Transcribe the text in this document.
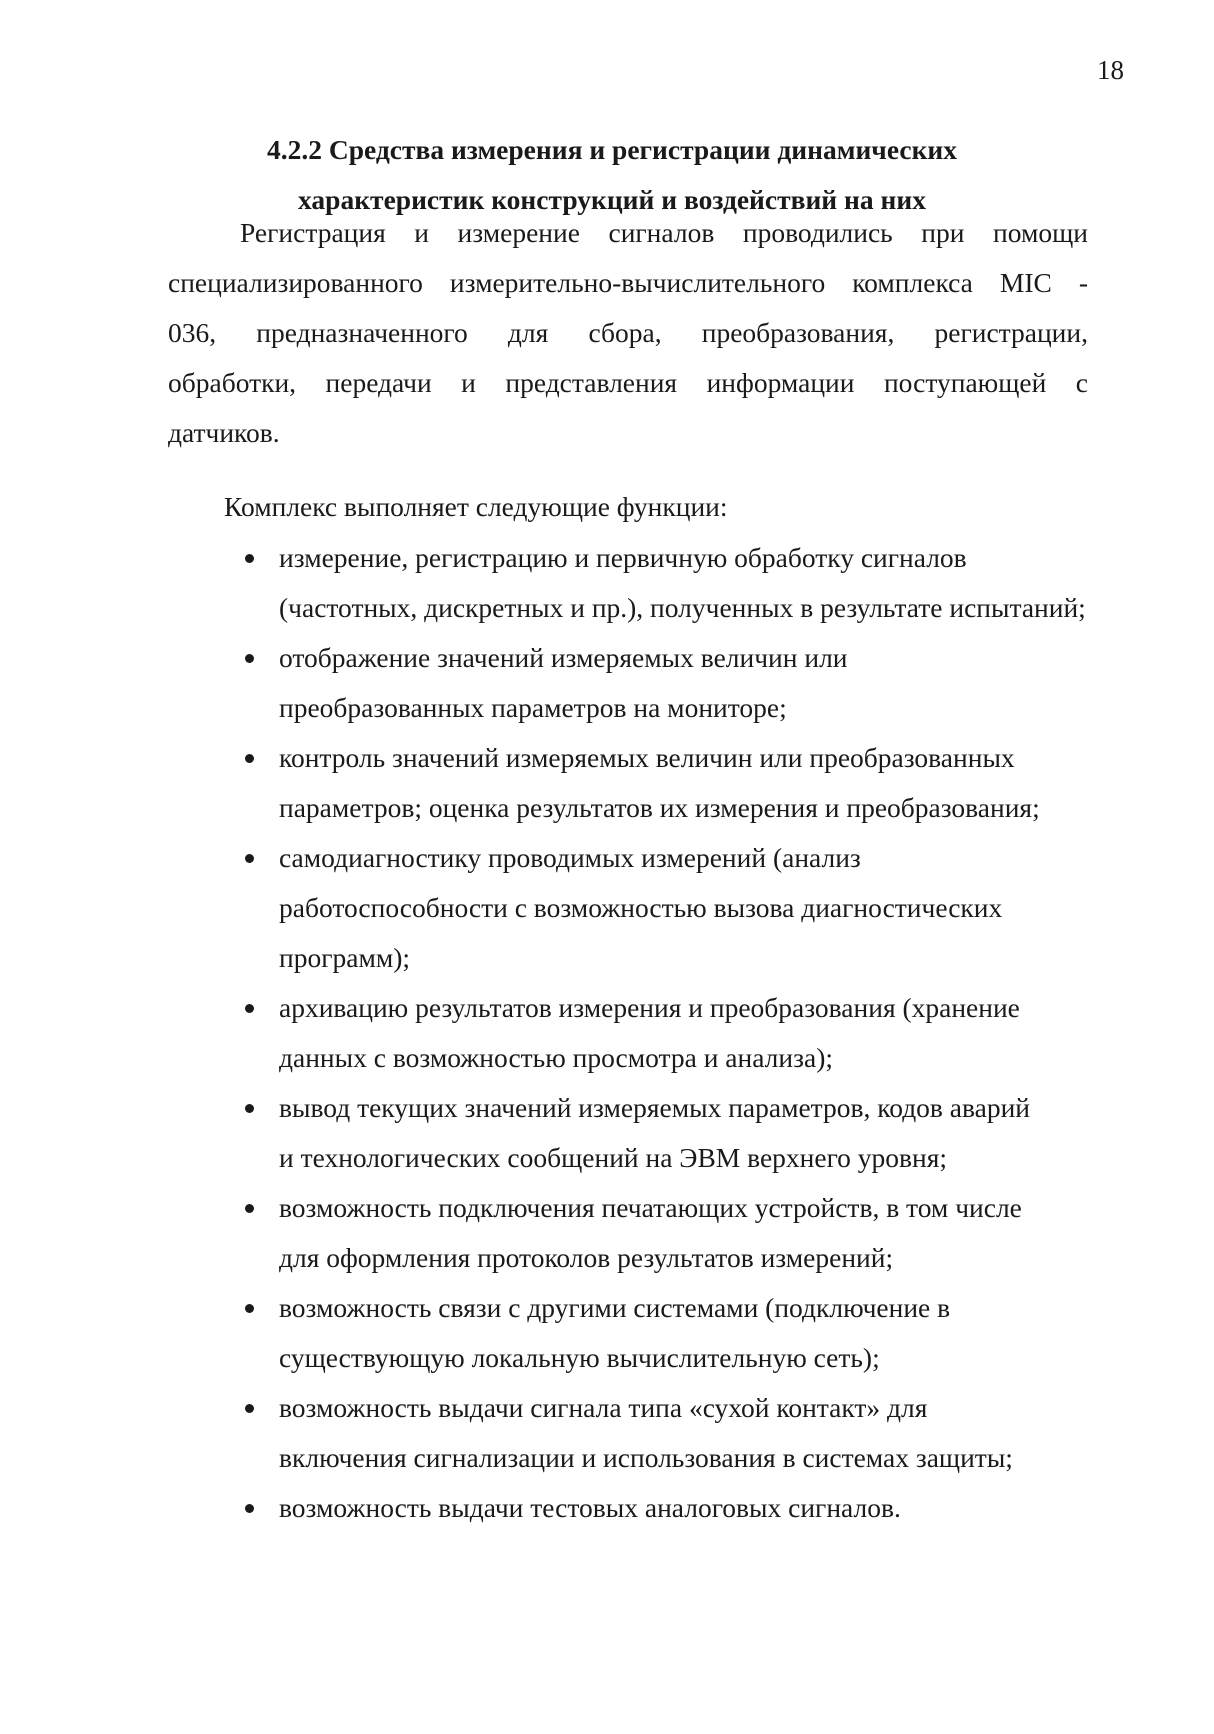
18
4.2.2 Средства измерения и регистрации динамических
характеристик конструкций и воздействий на них
Регистрация и измерение сигналов проводились при помощи
специализированного измерительно-вычислительного комплекса MIC -
036, предназначенного для сбора, преобразования, регистрации,
обработки, передачи и представления информации поступающей с
датчиков.
Комплекс выполняет следующие функции:
измерение, регистрацию и первичную обработку сигналов
(частотных, дискретных и пр.), полученных в результате испытаний;
отображение значений измеряемых величин или
преобразованных параметров на мониторе;
контроль значений измеряемых величин или преобразованных
параметров; оценка результатов их измерения и преобразования;
самодиагностику проводимых измерений (анализ
работоспособности с возможностью вызова диагностических
программ);
архивацию результатов измерения и преобразования (хранение
данных с возможностью просмотра и анализа);
вывод текущих значений измеряемых параметров, кодов аварий
и технологических сообщений на ЭВМ верхнего уровня;
возможность подключения печатающих устройств, в том числе
для оформления протоколов результатов измерений;
возможность связи с другими системами (подключение в
существующую локальную вычислительную сеть);
возможность выдачи сигнала типа «сухой контакт» для
включения сигнализации и использования в системах защиты;
возможность выдачи тестовых аналоговых сигналов.
